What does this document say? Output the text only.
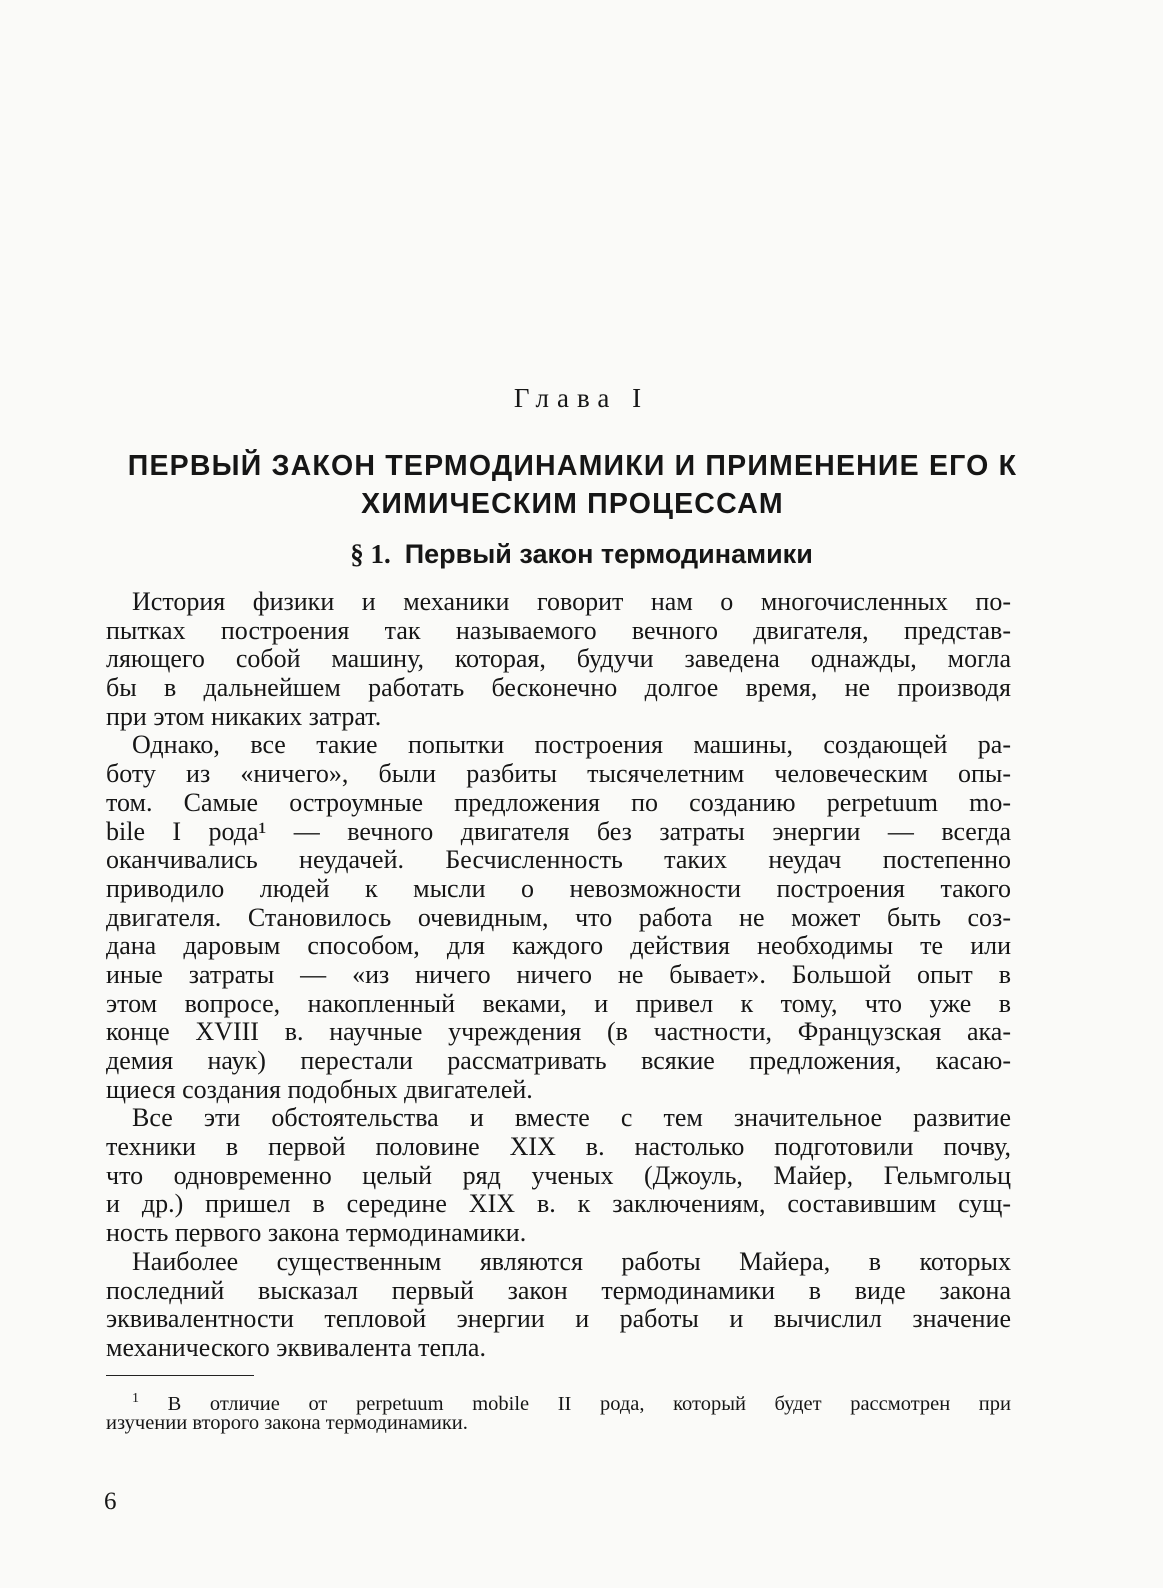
Глава I
ПЕРВЫЙ ЗАКОН ТЕРМОДИНАМИКИ И ПРИМЕНЕНИЕ ЕГО К
ХИМИЧЕСКИМ ПРОЦЕССАМ
§ 1. Первый закон термодинамики
История физики и механики говорит нам о многочисленных по-
пытках построения так называемого вечного двигателя, представ-
ляющего собой машину, которая, будучи заведена однажды, могла
бы в дальнейшем работать бесконечно долгое время, не производя
при этом никаких затрат.
Однако, все такие попытки построения машины, создающей ра-
боту из «ничего», были разбиты тысячелетним человеческим опы-
том. Самые остроумные предложения по созданию perpetuum mo-
bile I рода¹ — вечного двигателя без затраты энергии — всегда
оканчивались неудачей. Бесчисленность таких неудач постепенно
приводило людей к мысли о невозможности построения такого
двигателя. Становилось очевидным, что работа не может быть соз-
дана даровым способом, для каждого действия необходимы те или
иные затраты — «из ничего ничего не бывает». Большой опыт в
этом вопросе, накопленный веками, и привел к тому, что уже в
конце XVIII в. научные учреждения (в частности, Французская ака-
демия наук) перестали рассматривать всякие предложения, касаю-
щиеся создания подобных двигателей.
Все эти обстоятельства и вместе с тем значительное развитие
техники в первой половине XIX в. настолько подготовили почву,
что одновременно целый ряд ученых (Джоуль, Майер, Гельмгольц
и др.) пришел в середине XIX в. к заключениям, составившим сущ-
ность первого закона термодинамики.
Наиболее существенным являются работы Майера, в которых
последний высказал первый закон термодинамики в виде закона
эквивалентности тепловой энергии и работы и вычислил значение
механического эквивалента тепла.
$^1$ В отличие от perpetuum mobile II рода, который будет рассмотрен при
изучении второго закона термодинамики.
6
